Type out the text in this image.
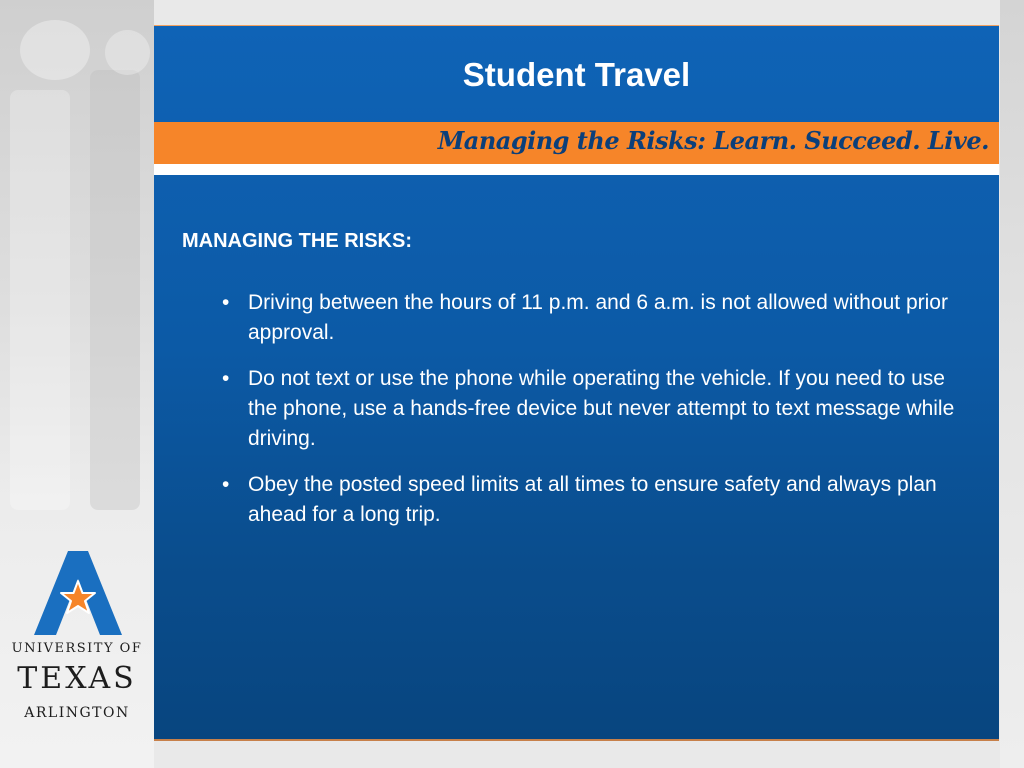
Student Travel
Managing the Risks: Learn. Succeed. Live.
MANAGING THE RISKS:
• Driving between the hours of 11 p.m. and 6 a.m. is not allowed without prior approval.
• Do not text or use the phone while operating the vehicle. If you need to use the phone, use a hands-free device but never attempt to text message while driving.
• Obey the posted speed limits at all times to ensure safety and always plan ahead for a long trip.
UNIVERSITY OF
TEXAS
ARLINGTON
